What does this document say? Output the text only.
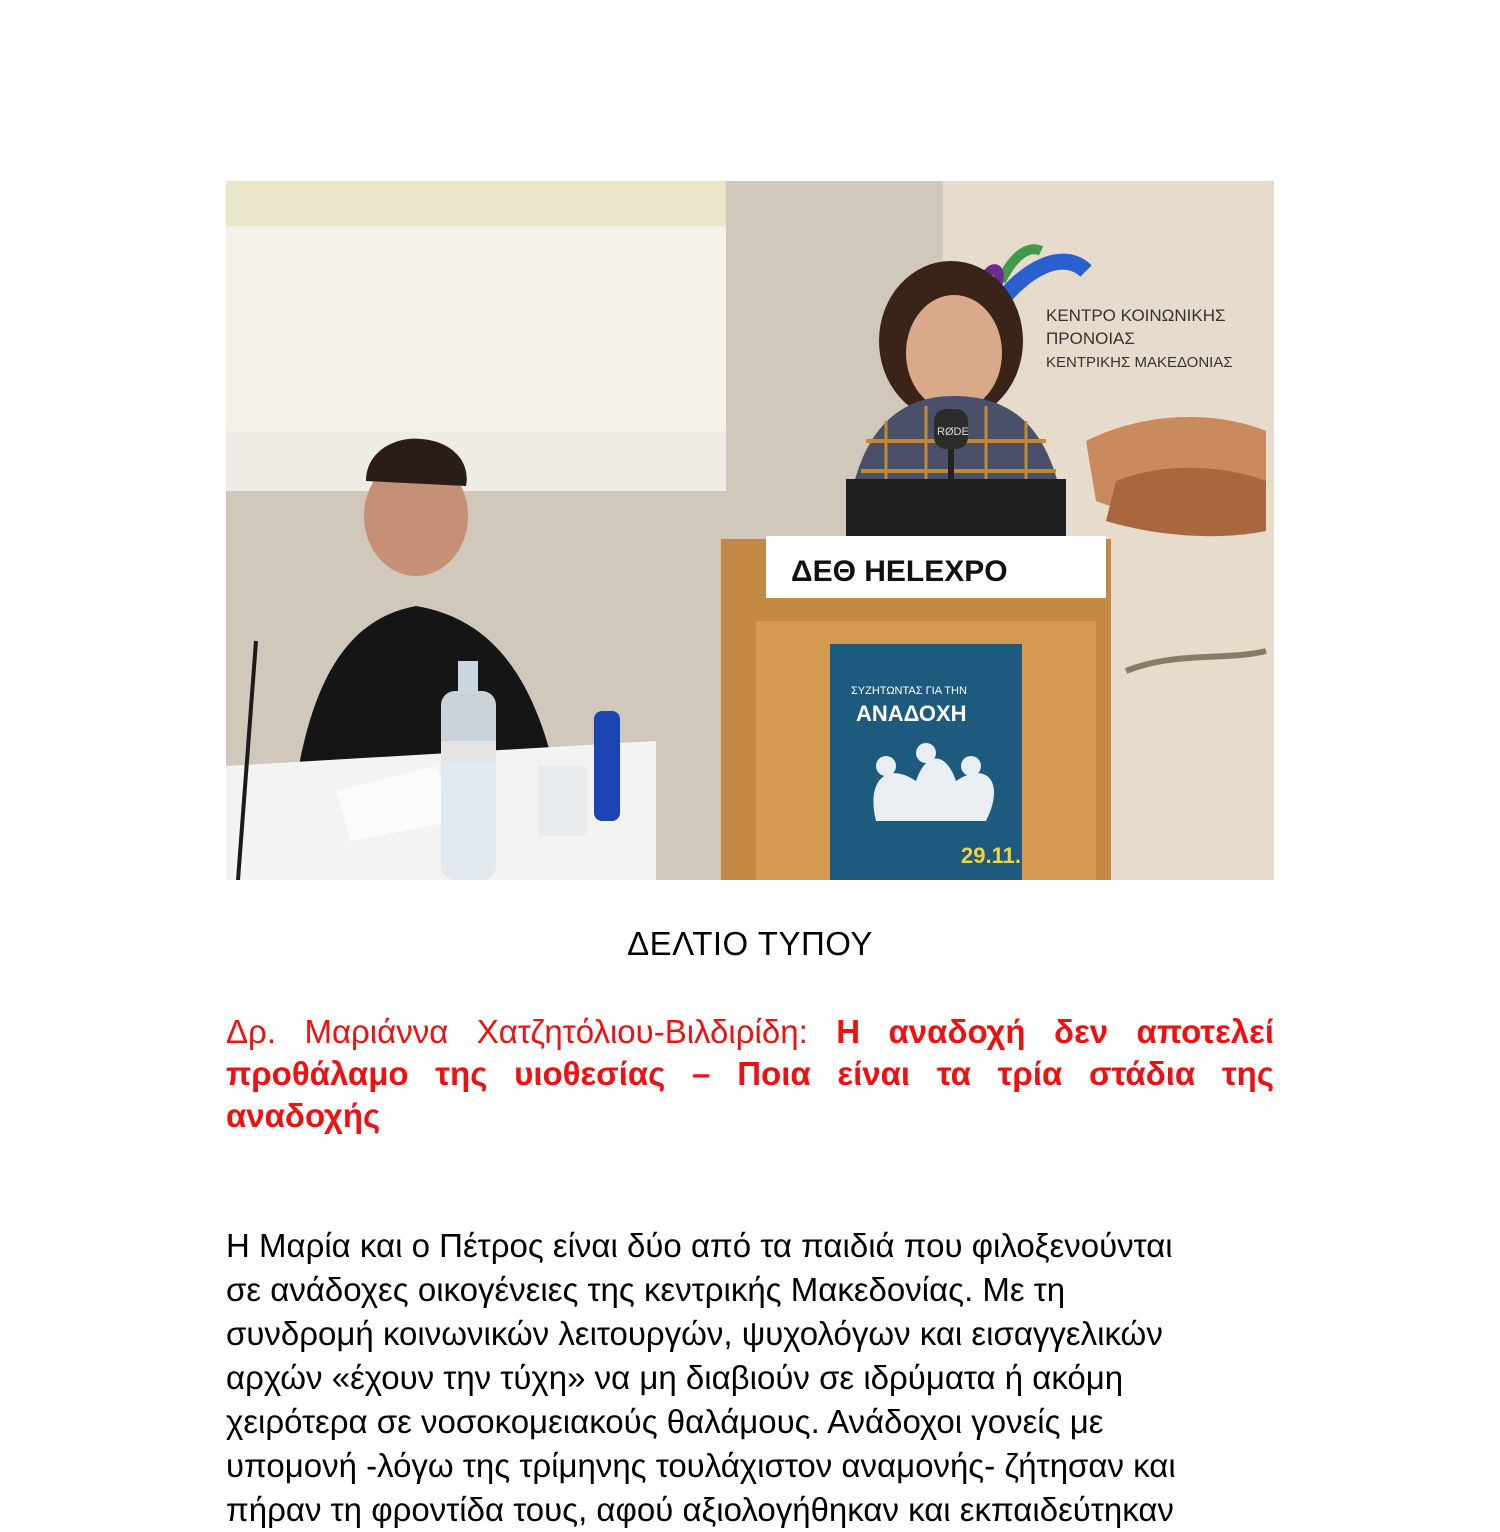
ΚΕΝΤΡΟ ΚΟΙΝΩΝΙΚΗΣ
ΠΡΟΝΟΙΑΣ
ΚΕΝΤΡΙΚΗΣ ΜΑΚΕΔΟΝΙΑΣ
RØDE
ΔΕΘ HELEXPO
ΣΥΖΗΤΩΝΤΑΣ ΓΙΑ ΤΗΝ
ΑΝΑΔΟΧΗ
29.11.
ΔΕΛΤΙΟ ΤΥΠΟΥ
Δρ. Μαριάννα Χατζητόλιου-Βιλδιρίδη: Η αναδοχή δεν αποτελεί προθάλαμο της υιοθεσίας – Ποια είναι τα τρία στάδια της αναδοχής
Η Μαρία και ο Πέτρος είναι δύο από τα παιδιά που φιλοξενούνται
σε ανάδοχες οικογένειες της κεντρικής Μακεδονίας. Με τη
συνδρομή κοινωνικών λειτουργών, ψυχολόγων και εισαγγελικών
αρχών «έχουν την τύχη» να μη διαβιούν σε ιδρύματα ή ακόμη
χειρότερα σε νοσοκομειακούς θαλάμους. Ανάδοχοι γονείς με
υπομονή -λόγω της τρίμηνης τουλάχιστον αναμονής- ζήτησαν και
πήραν τη φροντίδα τους, αφού αξιολογήθηκαν και εκπαιδεύτηκαν
